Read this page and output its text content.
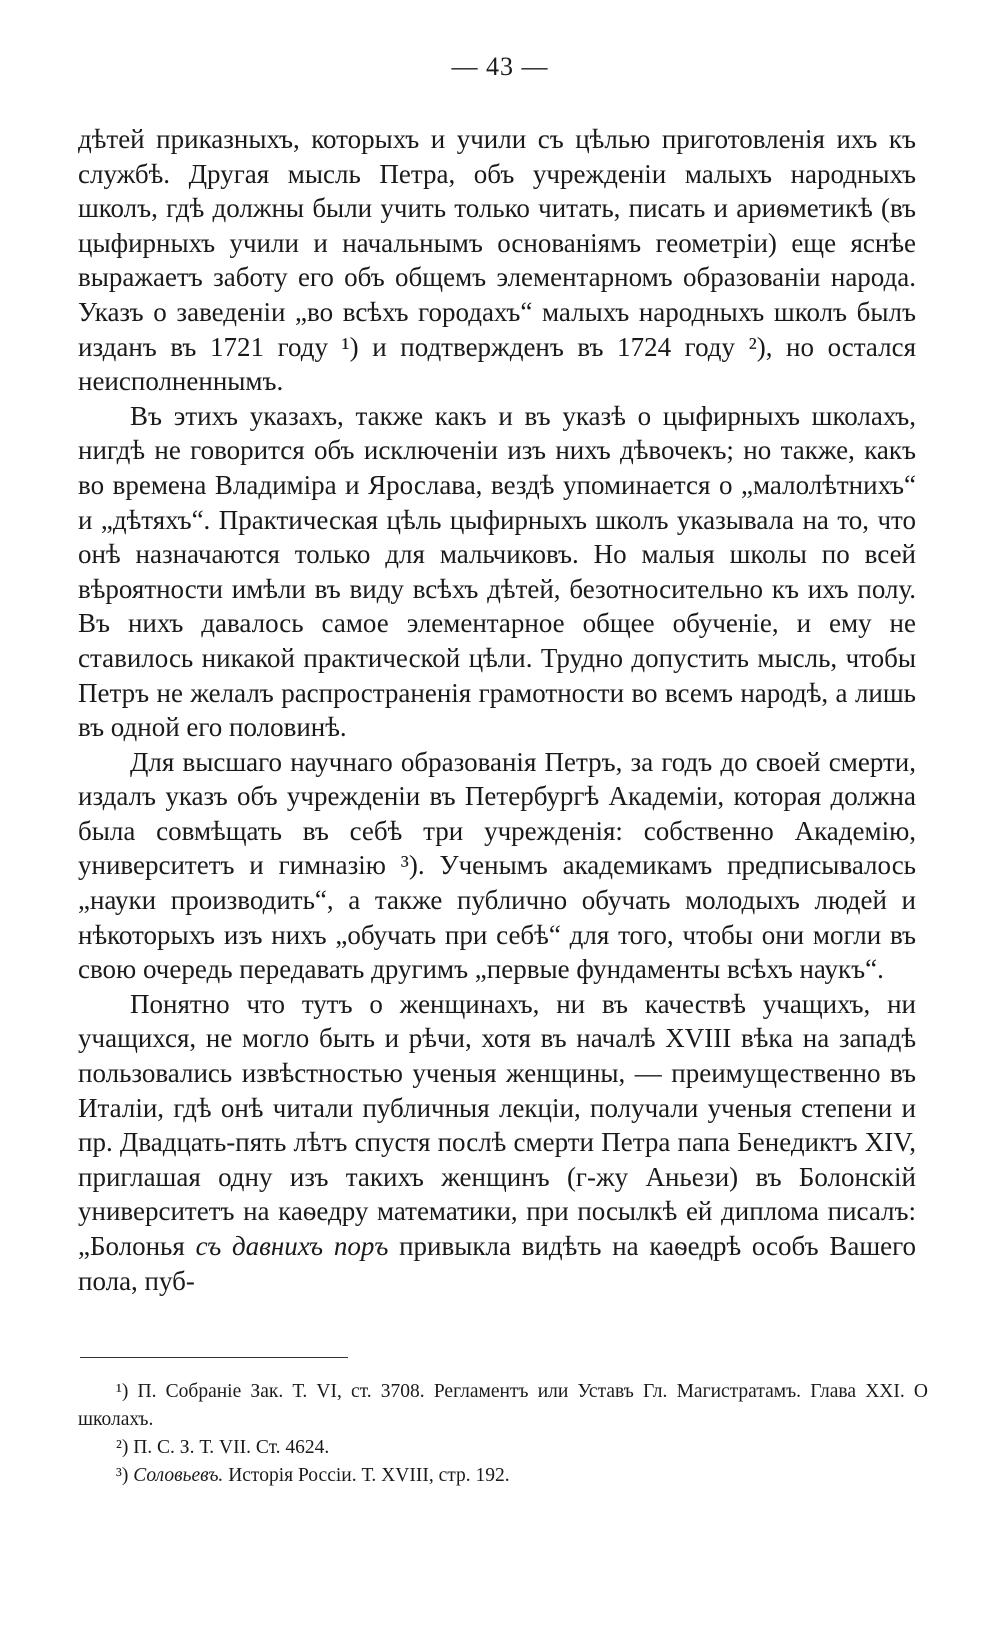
— 43 —

дѣтей приказныхъ, которыхъ и учили съ цѣлью приготовленія ихъ къ службѣ. Другая мысль Петра, объ учрежденіи малыхъ народныхъ школъ, гдѣ должны были учить только читать, писать и ариѳметикѣ (въ цыфирныхъ учили и начальнымъ основаніямъ геометріи) еще яснѣе выражаетъ заботу его объ общемъ элементарномъ образованіи народа. Указъ о заведеніи „во всѣхъ городахъ“ малыхъ народныхъ школъ былъ изданъ въ 1721 году ¹) и подтвержденъ въ 1724 году ²), но остался неисполненнымъ.

Въ этихъ указахъ, также какъ и въ указѣ о цыфирныхъ школахъ, нигдѣ не говорится объ исключеніи изъ нихъ дѣвочекъ; но также, какъ во времена Владиміра и Ярослава, вездѣ упоминается о „малолѣтнихъ“ и „дѣтяхъ“. Практическая цѣль цыфирныхъ школъ указывала на то, что онѣ назначаются только для мальчиковъ. Но малыя школы по всей вѣроятности имѣли въ виду всѣхъ дѣтей, безотносительно къ ихъ полу. Въ нихъ давалось самое элементарное общее обученіе, и ему не ставилось никакой практической цѣли. Трудно допустить мысль, чтобы Петръ не желалъ распространенія грамотности во всемъ народѣ, а лишь въ одной его половинѣ.

Для высшаго научнаго образованія Петръ, за годъ до своей смерти, издалъ указъ объ учрежденіи въ Петербургѣ Академіи, которая должна была совмѣщать въ себѣ три учрежденія: собственно Академію, университетъ и гимназію ³). Ученымъ академикамъ предписывалось „науки производить“, а также публично обучать молодыхъ людей и нѣкоторыхъ изъ нихъ „обучать при себѣ“ для того, чтобы они могли въ свою очередь передавать другимъ „первые фундаменты всѣхъ наукъ“.

Понятно что тутъ о женщинахъ, ни въ качествѣ учащихъ, ни учащихся, не могло быть и рѣчи, хотя въ началѣ XVIII вѣка на западѣ пользовались извѣстностью ученыя женщины, — преимущественно въ Италіи, гдѣ онѣ читали публичныя лекціи, получали ученыя степени и пр. Двадцать-пять лѣтъ спустя послѣ смерти Петра папа Бенедиктъ XIV, приглашая одну изъ такихъ женщинъ (г-жу Аньези) въ Болонскій университетъ на каѳедру математики, при посылкѣ ей диплома писалъ: „Болонья съ давнихъ поръ привыкла видѣть на каѳедрѣ особъ Вашего пола, пуб-

¹) П. Собраніе Зак. Т. VI, ст. 3708. Регламентъ или Уставъ Гл. Магистратамъ. Глава XXI. О школахъ.

²) П. С. З. Т. VII. Ст. 4624.

³) Соловьевъ. Исторія Россіи. Т. XVIII, стр. 192.
